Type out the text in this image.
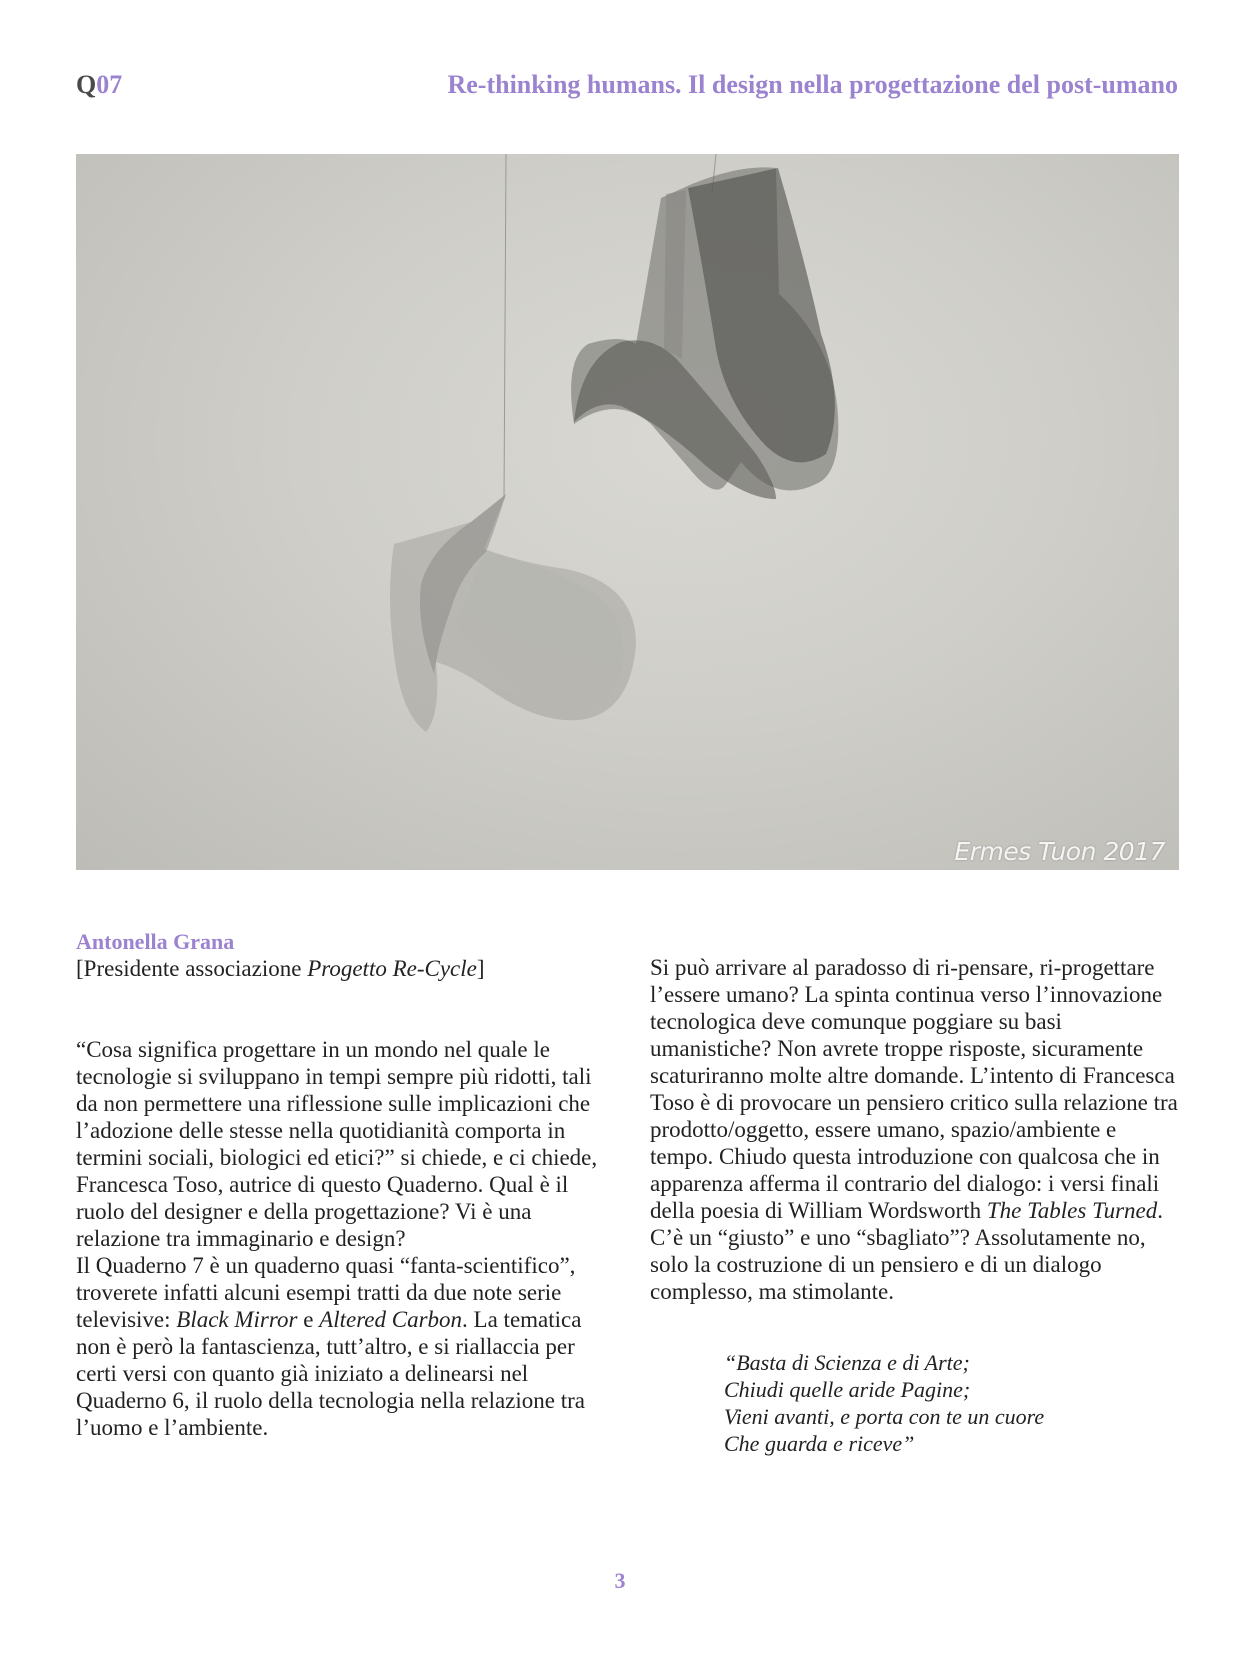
Q07	Re-thinking humans. Il design nella progettazione del post-umano
Ermes Tuon 2017
Antonella Grana
[Presidente associazione Progetto Re-Cycle]

“Cosa significa progettare in un mondo nel quale le tecnologie si sviluppano in tempi sempre più ridotti, tali da non permettere una riflessione sulle implicazioni che l’adozione delle stesse nella quotidianità comporta in termini sociali, biologici ed etici?” si chiede, e ci chiede, Francesca Toso, autrice di questo Quaderno. Qual è il ruolo del designer e della progettazione? Vi è una relazione tra immaginario e design?

Il Quaderno 7 è un quaderno quasi “fanta-scientifico”, troverete infatti alcuni esempi tratti da due note serie televisive: Black Mirror e Altered Carbon. La tematica non è però la fantascienza, tutt’altro, e si riallaccia per certi versi con quanto già iniziato a delinearsi nel Quaderno 6, il ruolo della tecnologia nella relazione tra l’uomo e l’ambiente.

Si può arrivare al paradosso di ri-pensare, ri-progettare l’essere umano? La spinta continua verso l’innovazione tecnologica deve comunque poggiare su basi umanistiche? Non avrete troppe risposte, sicuramente scaturiranno molte altre domande. L’intento di Francesca Toso è di provocare un pensiero critico sulla relazione tra prodotto/oggetto, essere umano, spazio/ambiente e tempo. Chiudo questa introduzione con qualcosa che in apparenza afferma il contrario del dialogo: i versi finali della poesia di William Wordsworth The Tables Turned. C’è un “giusto” e uno “sbagliato”? Assolutamente no, solo la costruzione di un pensiero e di un dialogo complesso, ma stimolante.

“Basta di Scienza e di Arte;
Chiudi quelle aride Pagine;
Vieni avanti, e porta con te un cuore
Che guarda e riceve”
3
